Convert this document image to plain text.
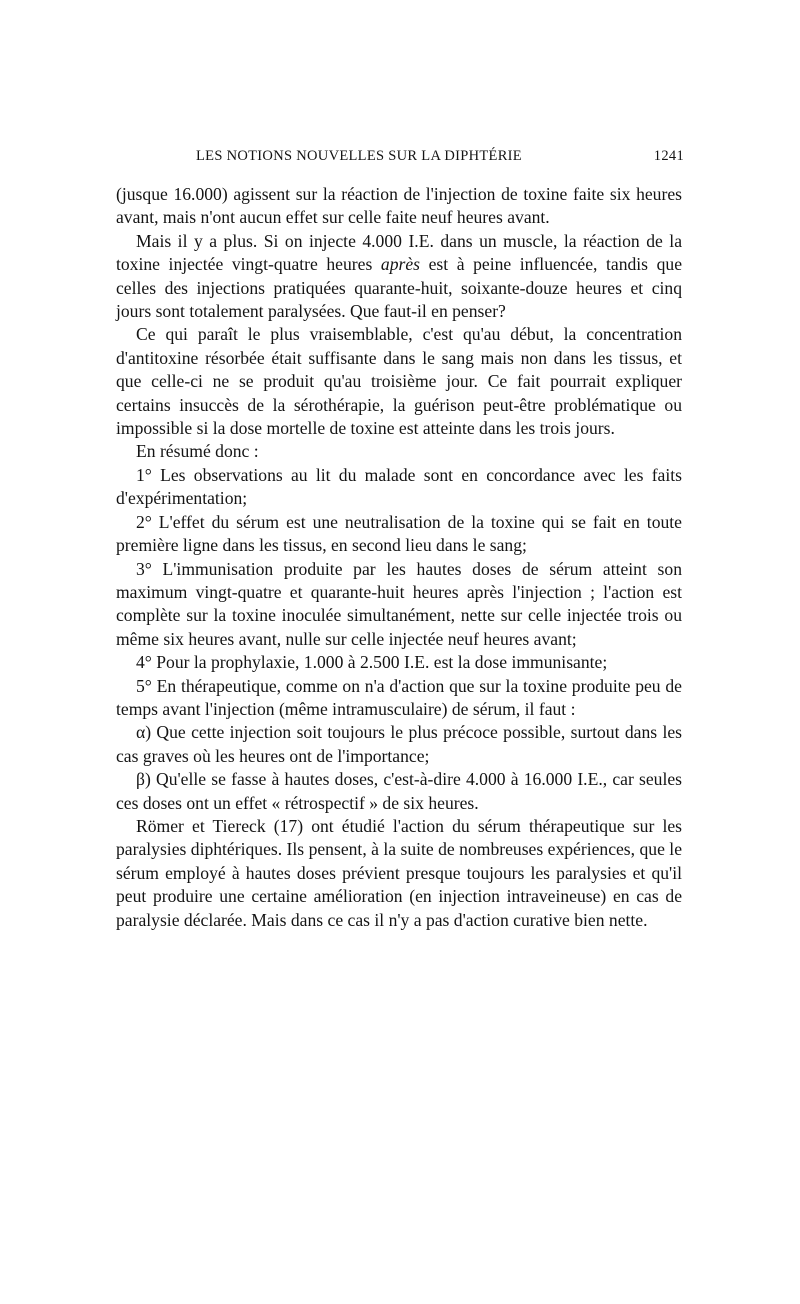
LES NOTIONS NOUVELLES SUR LA DIPHTÉRIE	1241

(jusque 16.000) agissent sur la réaction de l'injection de toxine faite six heures avant, mais n'ont aucun effet sur celle faite neuf heures avant.

Mais il y a plus. Si on injecte 4.000 I.E. dans un muscle, la réaction de la toxine injectée vingt-quatre heures après est à peine influencée, tandis que celles des injections pratiquées quarante-huit, soixante-douze heures et cinq jours sont totalement paralysées. Que faut-il en penser?

Ce qui paraît le plus vraisemblable, c'est qu'au début, la concentration d'antitoxine résorbée était suffisante dans le sang mais non dans les tissus, et que celle-ci ne se produit qu'au troisième jour. Ce fait pourrait expliquer certains insuccès de la sérothérapie, la guérison peut-être problématique ou impossible si la dose mortelle de toxine est atteinte dans les trois jours.

En résumé donc :

1° Les observations au lit du malade sont en concordance avec les faits d'expérimentation;

2° L'effet du sérum est une neutralisation de la toxine qui se fait en toute première ligne dans les tissus, en second lieu dans le sang;

3° L'immunisation produite par les hautes doses de sérum atteint son maximum vingt-quatre et quarante-huit heures après l'injection ; l'action est complète sur la toxine inoculée simultanément, nette sur celle injectée trois ou même six heures avant, nulle sur celle injectée neuf heures avant;

4° Pour la prophylaxie, 1.000 à 2.500 I.E. est la dose immunisante;

5° En thérapeutique, comme on n'a d'action que sur la toxine produite peu de temps avant l'injection (même intramusculaire) de sérum, il faut :

α) Que cette injection soit toujours le plus précoce possible, surtout dans les cas graves où les heures ont de l'importance;

β) Qu'elle se fasse à hautes doses, c'est-à-dire 4.000 à 16.000 I.E., car seules ces doses ont un effet « rétrospectif » de six heures.

Römer et Tiereck (17) ont étudié l'action du sérum thérapeutique sur les paralysies diphtériques. Ils pensent, à la suite de nombreuses expériences, que le sérum employé à hautes doses prévient presque toujours les paralysies et qu'il peut produire une certaine amélioration (en injection intraveineuse) en cas de paralysie déclarée. Mais dans ce cas il n'y a pas d'action curative bien nette.
